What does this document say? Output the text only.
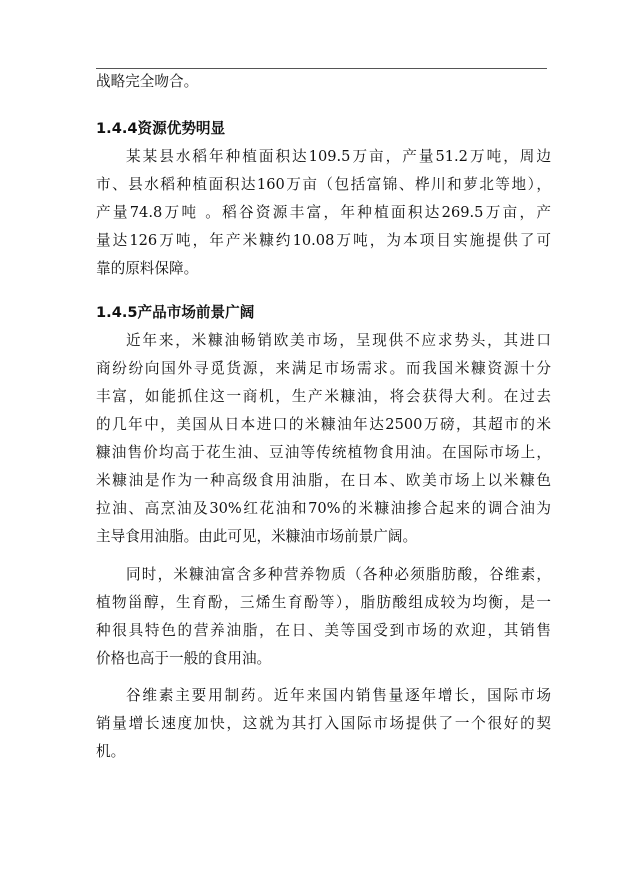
战略完全吻合。
1.4.4资源优势明显
某某县水稻年种植面积达109.5万亩，产量51.2万吨，周边
市、县水稻种植面积达160万亩（包括富锦、桦川和萝北等地），
产量74.8万吨 。稻谷资源丰富，年种植面积达269.5万亩，产
量达126万吨，年产米糠约10.08万吨，为本项目实施提供了可
靠的原料保障。
1.4.5产品市场前景广阔
近年来，米糠油畅销欧美市场，呈现供不应求势头，其进口
商纷纷向国外寻觅货源，来满足市场需求。而我国米糠资源十分
丰富，如能抓住这一商机，生产米糠油，将会获得大利。在过去
的几年中，美国从日本进口的米糠油年达2500万磅，其超市的米
糠油售价均高于花生油、豆油等传统植物食用油。在国际市场上，
米糠油是作为一种高级食用油脂，在日本、欧美市场上以米糠色
拉油、高烹油及30%红花油和70%的米糠油掺合起来的调合油为
主导食用油脂。由此可见，米糠油市场前景广阔。
同时，米糠油富含多种营养物质（各种必须脂肪酸，谷维素，
植物甾醇，生育酚，三烯生育酚等），脂肪酸组成较为均衡，是一
种很具特色的营养油脂，在日、美等国受到市场的欢迎，其销售
价格也高于一般的食用油。
谷维素主要用制药。近年来国内销售量逐年增长，国际市场
销量增长速度加快，这就为其打入国际市场提供了一个很好的契
机。
